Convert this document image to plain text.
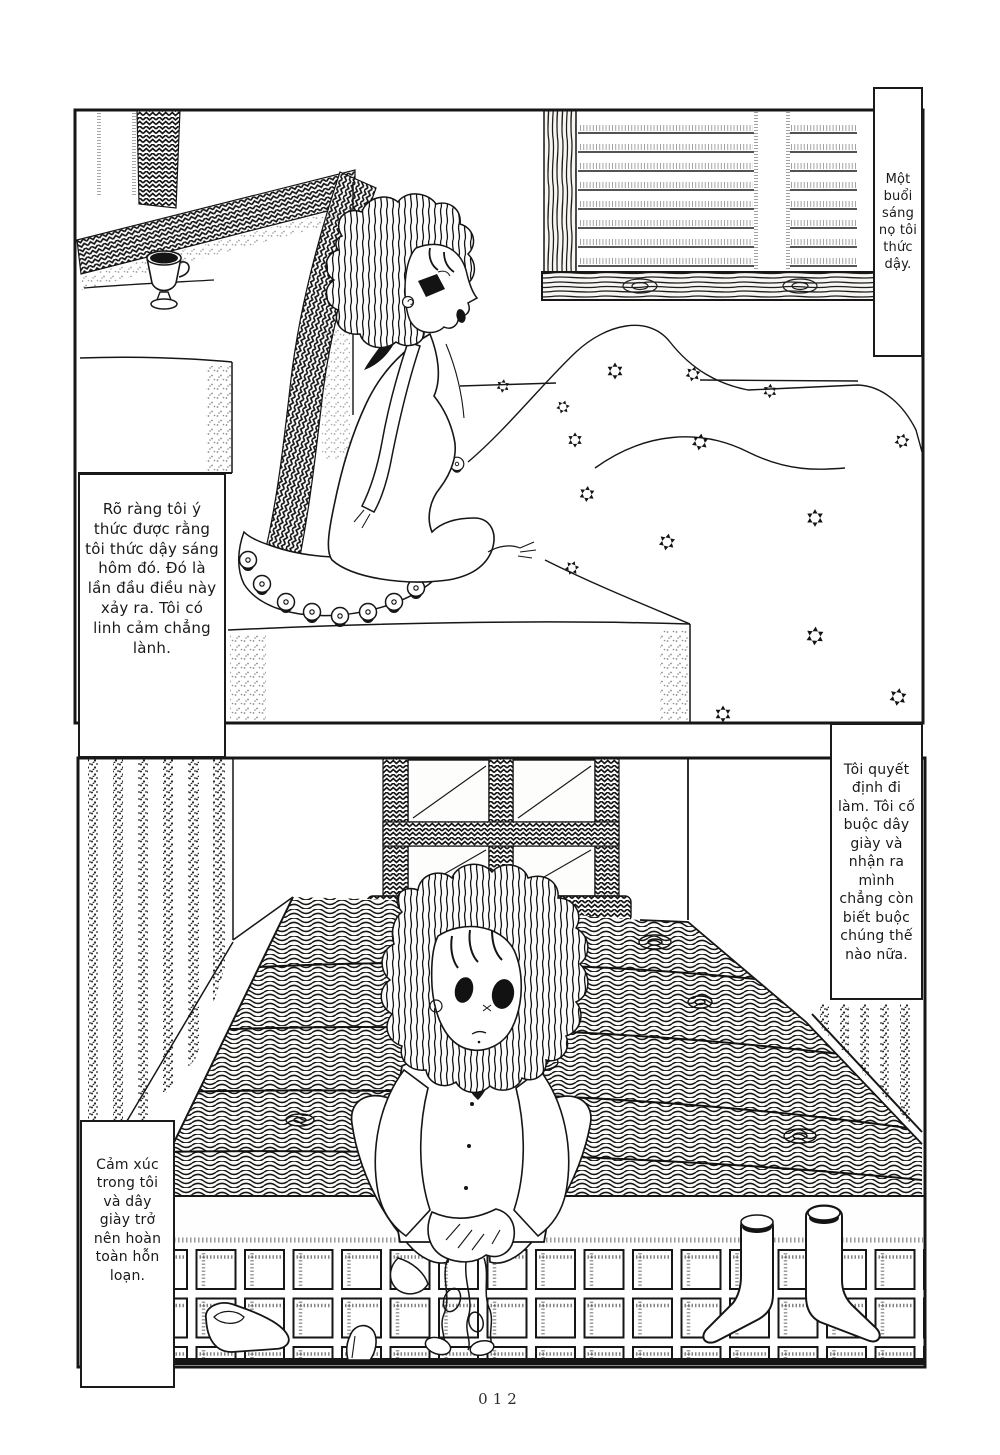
Một buổi sáng nọ tôi thức dậy.
Rõ ràng tôi ý thức được rằng tôi thức dậy sáng hôm đó. Đó là lần đầu điều này xảy ra. Tôi có linh cảm chẳng lành.
Tôi quyết định đi làm. Tôi cố buộc dây giày và nhận ra mình chẳng còn biết buộc chúng thế nào nữa.
Cảm xúc trong tôi và dây giày trở nên hoàn toàn hỗn loạn.
012
